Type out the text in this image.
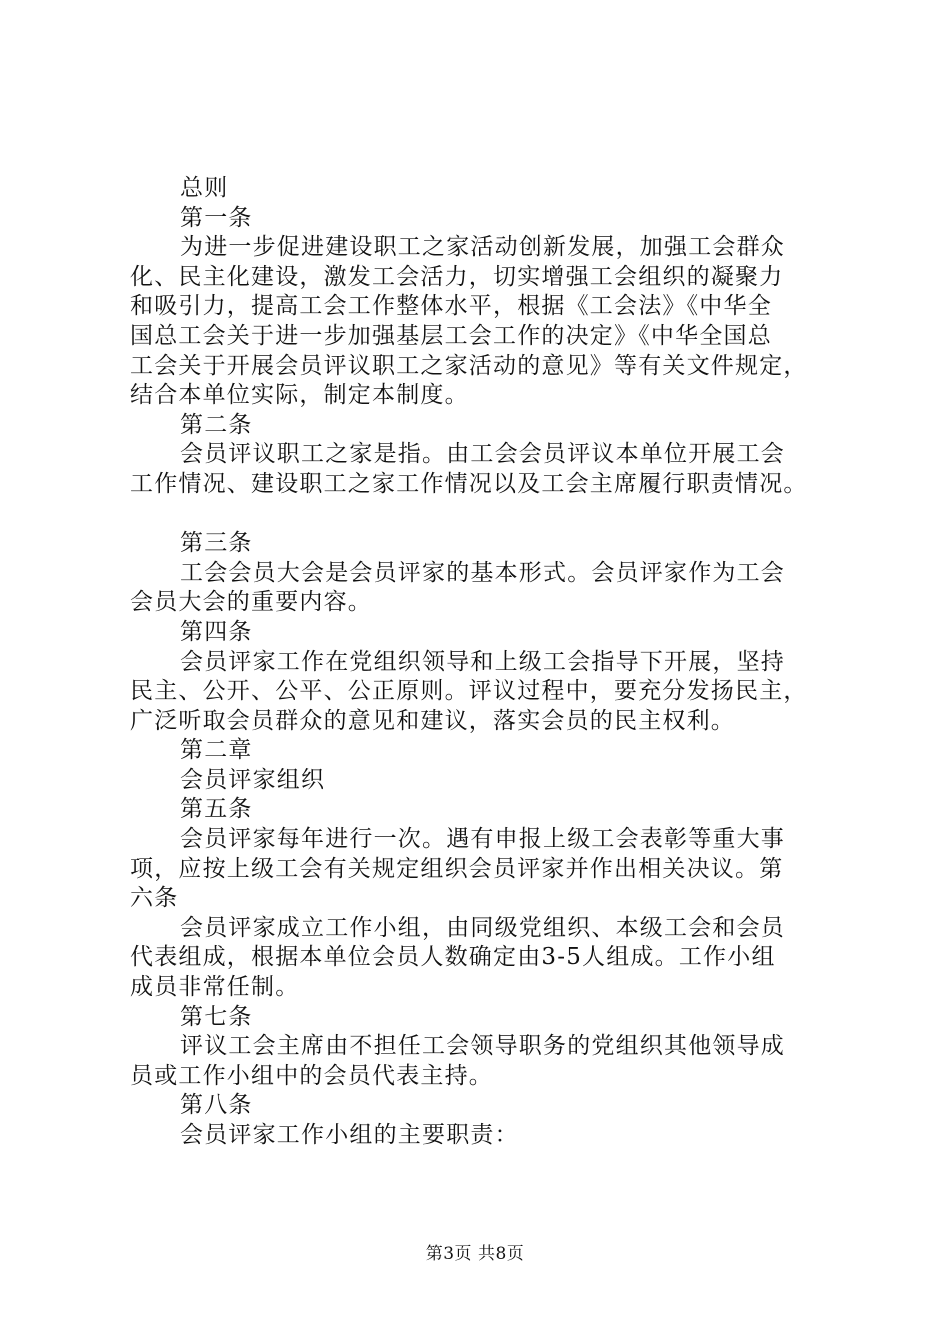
总则
第一条
为进一步促进建设职工之家活动创新发展，加强工会群众
化、民主化建设，激发工会活力，切实增强工会组织的凝聚力
和吸引力，提高工会工作整体水平，根据《工会法》《中华全
国总工会关于进一步加强基层工会工作的决定》《中华全国总
工会关于开展会员评议职工之家活动的意见》等有关文件规定，
结合本单位实际，制定本制度。
第二条
会员评议职工之家是指。由工会会员评议本单位开展工会
工作情况、建设职工之家工作情况以及工会主席履行职责情况。
第三条
工会会员大会是会员评家的基本形式。会员评家作为工会
会员大会的重要内容。
第四条
会员评家工作在党组织领导和上级工会指导下开展，坚持
民主、公开、公平、公正原则。评议过程中，要充分发扬民主，
广泛听取会员群众的意见和建议，落实会员的民主权利。
第二章
会员评家组织
第五条
会员评家每年进行一次。遇有申报上级工会表彰等重大事
项，应按上级工会有关规定组织会员评家并作出相关决议。第
六条
会员评家成立工作小组，由同级党组织、本级工会和会员
代表组成，根据本单位会员人数确定由3-5人组成。工作小组
成员非常任制。
第七条
评议工会主席由不担任工会领导职务的党组织其他领导成
员或工作小组中的会员代表主持。
第八条
会员评家工作小组的主要职责：
第3页 共8页
